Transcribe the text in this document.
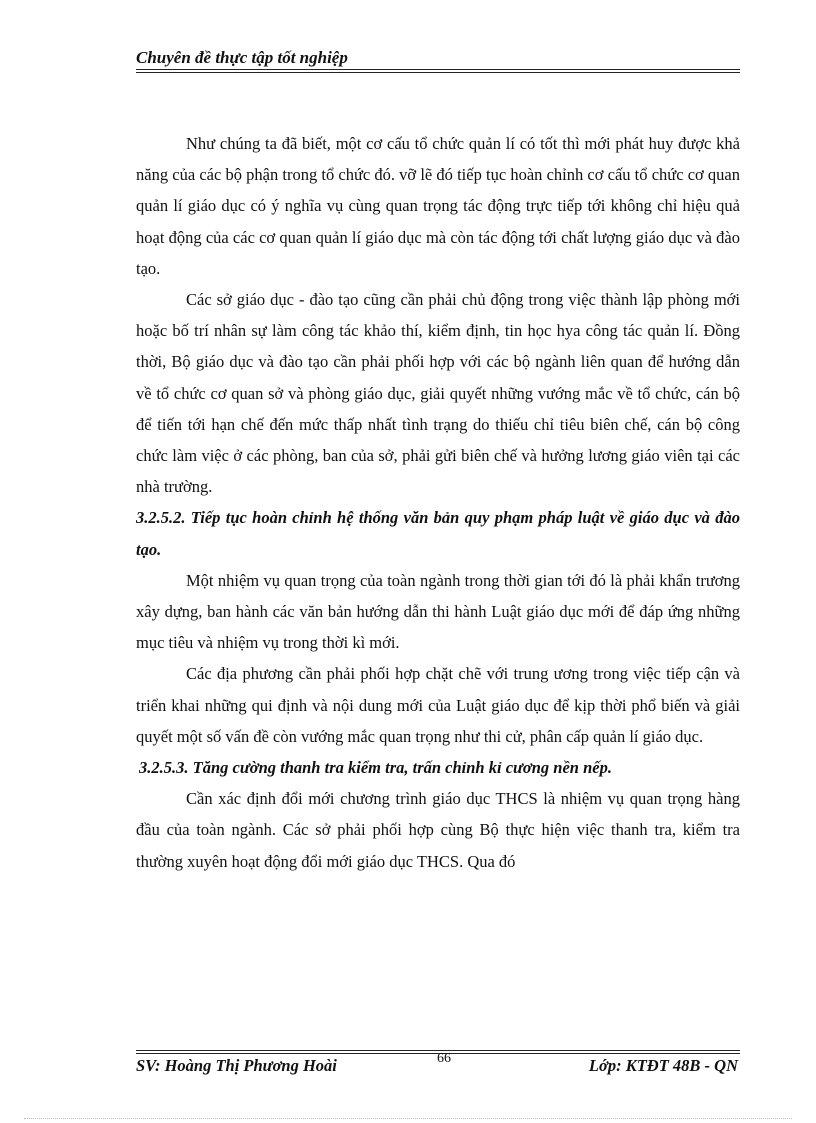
Chuyên đề thực tập tốt nghiệp

Như chúng ta đã biết, một cơ cấu tổ chức quản lí có tốt thì mới phát huy được khả năng của các bộ phận trong tổ chức đó. vỡ lẽ đó tiếp tục hoàn chỉnh cơ cấu tổ chức cơ quan quản lí giáo dục có ý nghĩa vụ cùng quan trọng tác động trực tiếp tới không chỉ hiệu quả hoạt động của các cơ quan quản lí giáo dục mà còn tác động tới chất lượng giáo dục và đào tạo.

Các sở giáo dục - đào tạo cũng cần phải chủ động trong việc thành lập phòng mới hoặc bố trí nhân sự làm công tác khảo thí, kiểm định, tin học hya công tác quản lí. Đồng thời, Bộ giáo dục và đào tạo cần phải phối hợp với các bộ ngành liên quan để hướng dẫn về tổ chức cơ quan sở và phòng giáo dục, giải quyết những vướng mắc về tổ chức, cán bộ để tiến tới hạn chế đến mức thấp nhất tình trạng do thiếu chỉ tiêu biên chế, cán bộ công chức làm việc ở các phòng, ban của sở, phải gửi biên chế và hưởng lương giáo viên tại các nhà trường.

3.2.5.2. Tiếp tục hoàn chỉnh hệ thống văn bản quy phạm pháp luật về giáo dục và đào tạo.

Một nhiệm vụ quan trọng của toàn ngành trong thời gian tới đó là phải khẩn trương xây dựng, ban hành các văn bản hướng dẫn thi hành Luật giáo dục mới để đáp ứng những mục tiêu và nhiệm vụ trong thời kì mới.

Các địa phương cần phải phối hợp chặt chẽ với trung ương trong việc tiếp cận và triển khai những qui định và nội dung mới của Luật giáo dục để kịp thời phổ biến và giải quyết một số vấn đề còn vướng mắc quan trọng như thi cử, phân cấp quản lí giáo dục.

3.2.5.3. Tăng cường thanh tra kiểm tra, trấn chỉnh kỉ cương nền nếp.

Cần xác định đổi mới chương trình giáo dục THCS là nhiệm vụ quan trọng hàng đầu của toàn ngành. Các sở phải phối hợp cùng Bộ thực hiện việc thanh tra, kiểm tra thường xuyên hoạt động đổi mới giáo dục THCS. Qua đó

SV: Hoàng Thị Phương Hoài	66	Lớp: KTĐT 48B - QN
